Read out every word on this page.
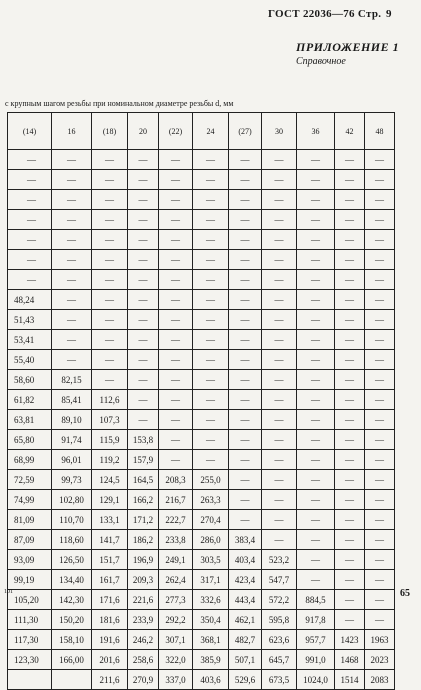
ГОСТ 22036—76 Стр. 9
ПРИЛОЖЕНИЕ 1
Справочное
с крупным шагом резьбы при номинальном диаметре резьбы d, мм
(14)	16	(18)	20	(22)	24	(27)	30	36	42	48
—	—	—	—	—	—	—	—	—	—	—
—	—	—	—	—	—	—	—	—	—	—
—	—	—	—	—	—	—	—	—	—	—
—	—	—	—	—	—	—	—	—	—	—
—	—	—	—	—	—	—	—	—	—	—
—	—	—	—	—	—	—	—	—	—	—
—	—	—	—	—	—	—	—	—	—	—
48,24	—	—	—	—	—	—	—	—	—	—
51,43	—	—	—	—	—	—	—	—	—	—
53,41	—	—	—	—	—	—	—	—	—	—
55,40	—	—	—	—	—	—	—	—	—	—
58,60	82,15	—	—	—	—	—	—	—	—	—
61,82	85,41	112,6	—	—	—	—	—	—	—	—
63,81	89,10	107,3	—	—	—	—	—	—	—	—
65,80	91,74	115,9	153,8	—	—	—	—	—	—	—
68,99	96,01	119,2	157,9	—	—	—	—	—	—	—
72,59	99,73	124,5	164,5	208,3	255,0	—	—	—	—	—
74,99	102,80	129,1	166,2	216,7	263,3	—	—	—	—	—
81,09	110,70	133,1	171,2	222,7	270,4	—	—	—	—	—
87,09	118,60	141,7	186,2	233,8	286,0	383,4	—	—	—	—
93,09	126,50	151,7	196,9	249,1	303,5	403,4	523,2	—	—	—
99,19	134,40	161,7	209,3	262,4	317,1	423,4	547,7	—	—	—
105,20	142,30	171,6	221,6	277,3	332,6	443,4	572,2	884,5	—	—
111,30	150,20	181,6	233,9	292,2	350,4	462,1	595,8	917,8	—	—
117,30	158,10	191,6	246,2	307,1	368,1	482,7	623,6	957,7	1423	1963
123,30	166,00	201,6	258,6	322,0	385,9	507,1	645,7	991,0	1468	2023
		211,6	270,9	337,0	403,6	529,6	673,5	1024,0	1514	2083
101	65
